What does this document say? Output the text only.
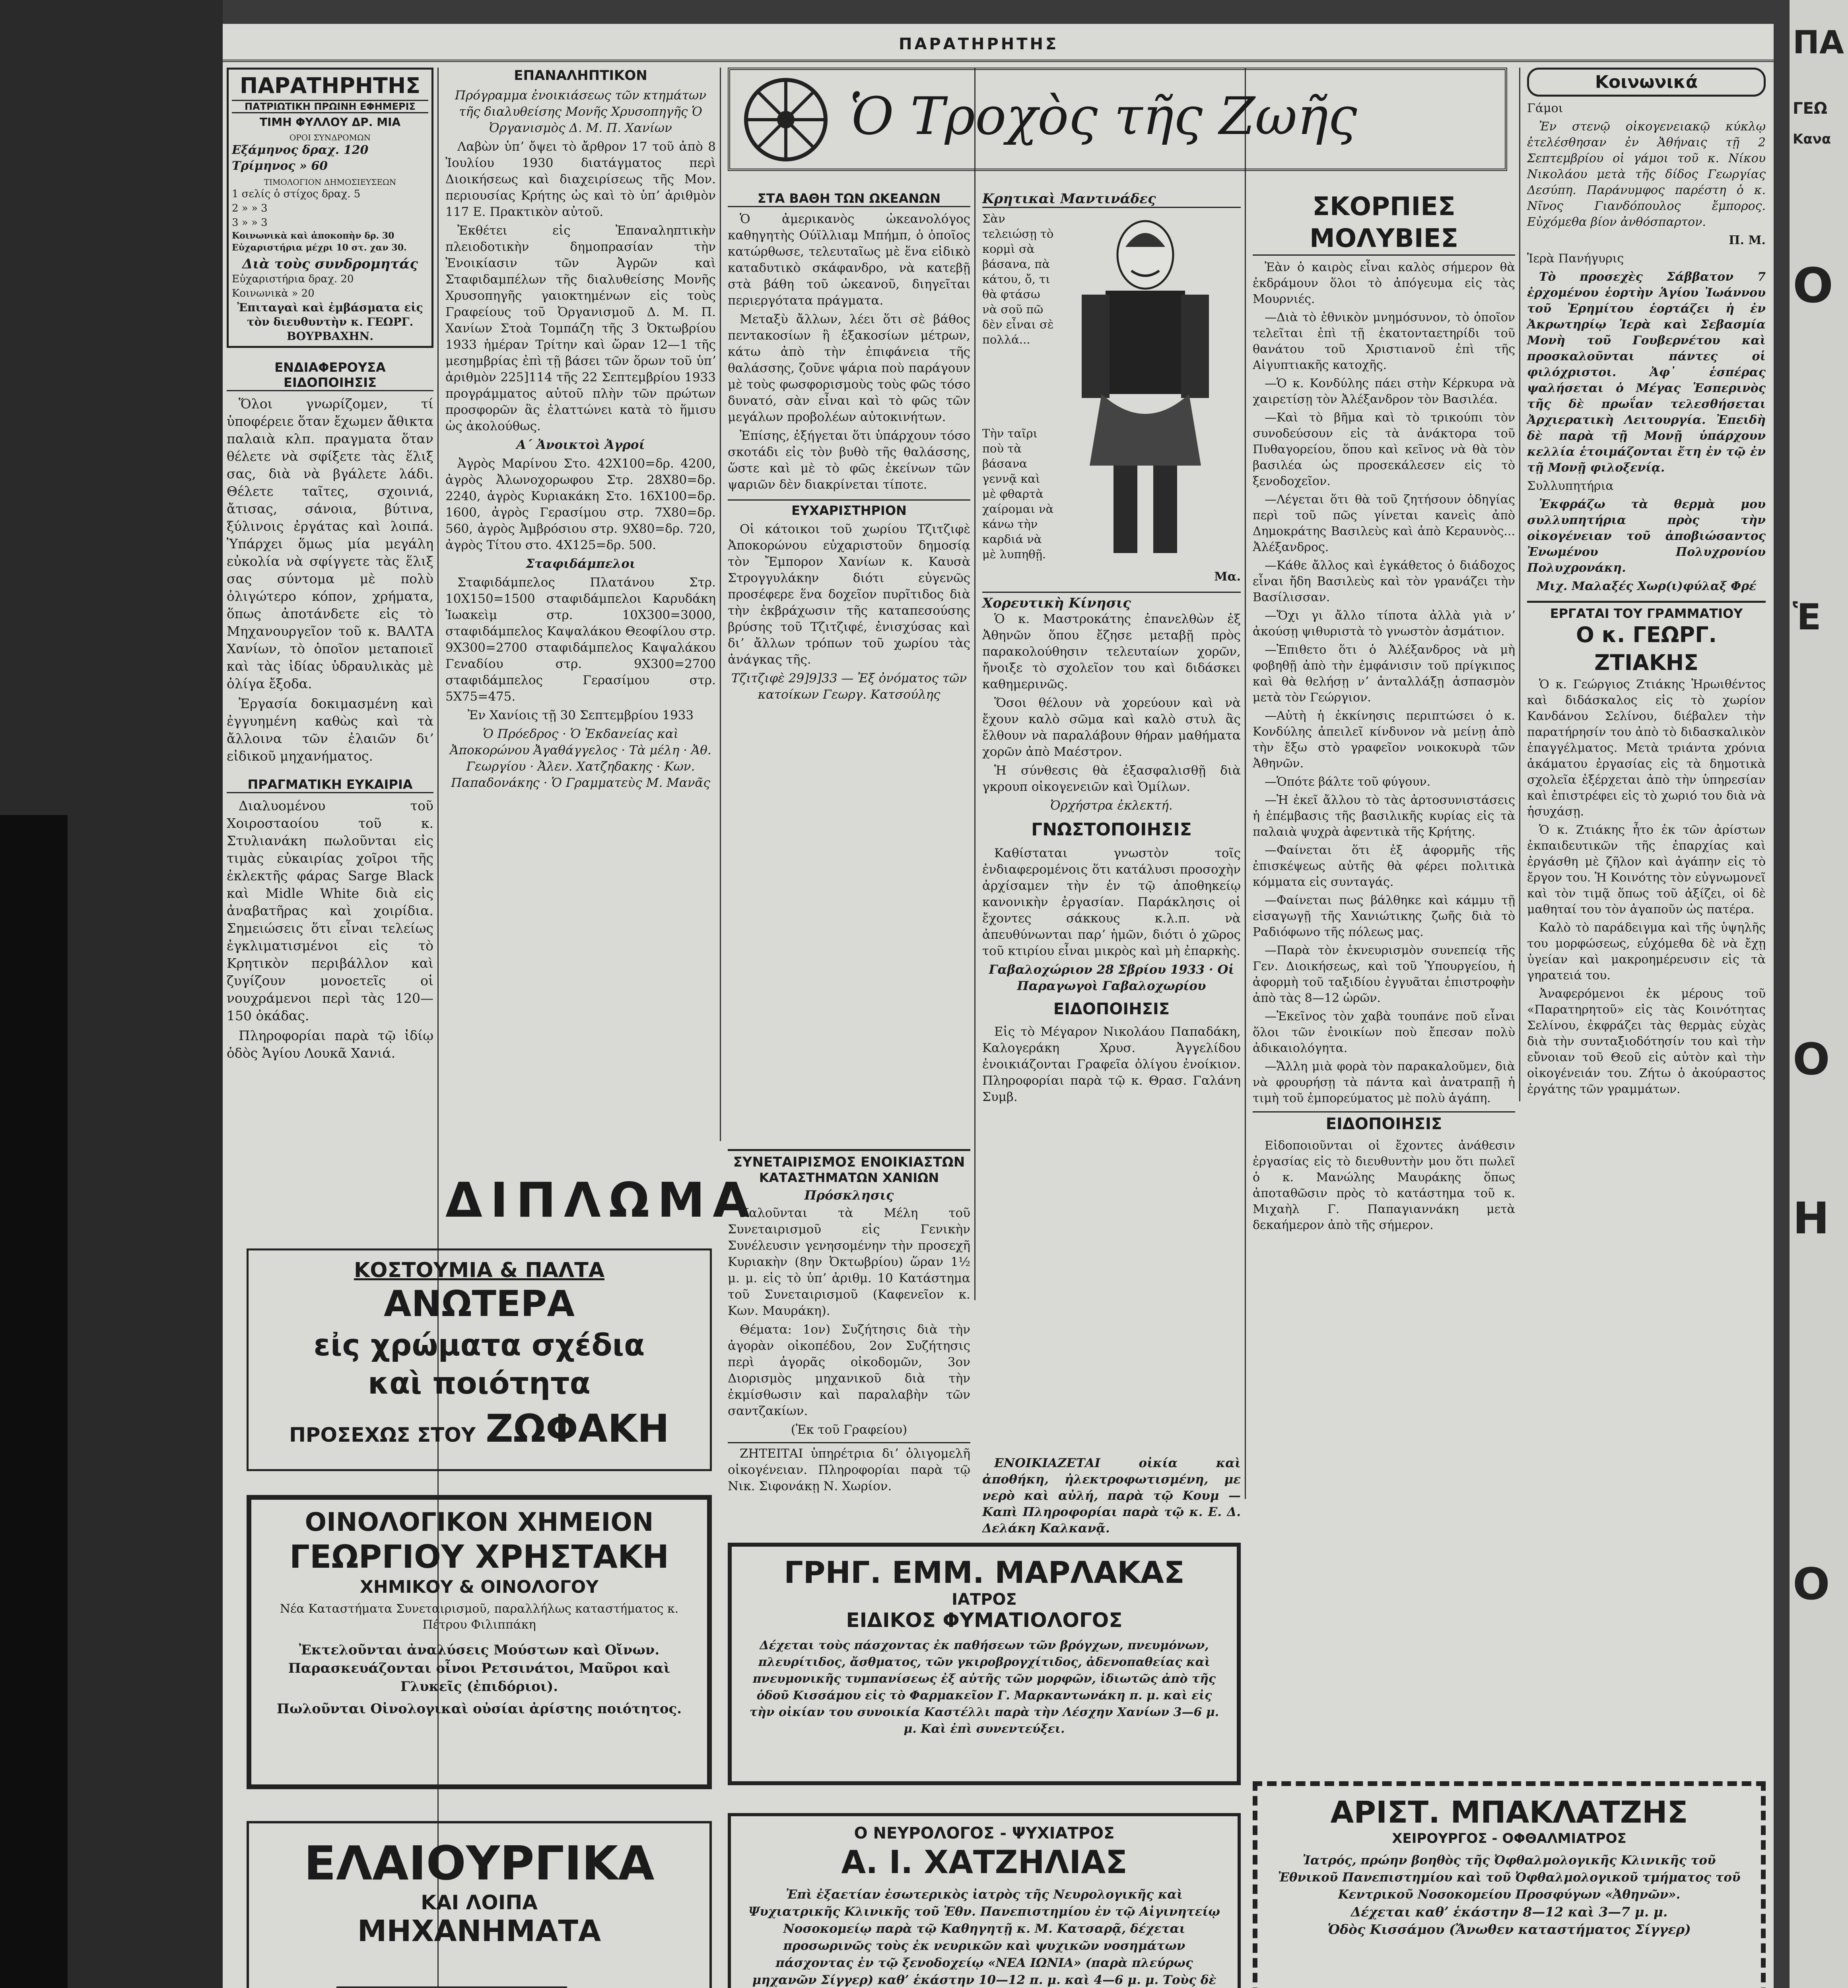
ΠΑΡΑΤΗΡΗΤΗΣ
ΠΑΡΑΤΗΡΗΤΗΣ
ΠΑΤΡΙΩΤΙΚΗ ΠΡΩΙΝΗ ΕΦΗΜΕΡΙΣ
ΤΙΜΗ ΦΥΛΛΟΥ ΔΡ. ΜΙΑ
ΟΡΟΙ ΣΥΝΔΡΟΜΩΝ
Εξάμηνος δραχ. 120
Τρίμηνος » 60
ΤΙΜΟΛΟΓΙΟΝ ΔΗΜΟΣΙΕΥΣΕΩΝ
1 σελίς ὁ στίχος δραχ. 5
2 » » 3
3 » » 3
Κοινωνικὰ καὶ ἀποκοπὴν δρ. 30 Εὐχαριστήρια μέχρι 10 στ. χαν 30.
Διὰ τοὺς συνδρομητάς
Εὐχαριστήρια δραχ. 20
Κοινωνικὰ » 20
Ἐπιταγαὶ καὶ ἐμβάσματα εἰς τὸν διευθυντὴν κ. ΓΕΩΡΓ. ΒΟΥΡΒΑΧΗΝ.
ΕΝΔΙΑΦΕΡΟΥΣΑ ΕΙΔΟΠΟΙΗΣΙΣ

Ὅλοι γνωρίζομεν, τί ὑποφέρειε ὅταν ἔχωμεν ἄθικτα παλαιὰ κλπ. πραγματα ὅταν θέλετε νὰ σφίξετε τὰς ἕλιξ σας, διὰ νὰ βγάλετε λάδι. Θέλετε ταῖτες, σχοινιά, ἄτισας, σάνοια, βύτινα, ξύλινοις ἐργάτας καὶ λοιπά. Ὑπάρχει ὅμως μία μεγάλη εὐκολία νὰ σφίγγετε τὰς ἕλιξ σας σύντομα μὲ πολὺ ὀλιγώτερο κόπον, χρήματα, ὅπως ἀποτάνδετε εἰς τὸ Μηχανουργεῖον τοῦ κ. ΒΑΛΤΑ Χανίων, τὸ ὁποῖον μεταποιεῖ καὶ τὰς ἰδίας ὑδραυλικὰς μὲ ὀλίγα ἔξοδα.

Ἐργασία δοκιμασμένη καὶ ἐγγυημένη καθὼς καὶ τὰ ἄλλοινα τῶν ἐλαιῶν διʼ εἰδικοῦ μηχανήματος.

ΠΡΑΓΜΑΤΙΚΗ ΕΥΚΑΙΡΙΑ

Διαλυομένου τοῦ Χοιροσταοίου τοῦ κ. Στυλιανάκη πωλοῦνται εἰς τιμὰς εὐκαιρίας χοῖροι τῆς ἐκλεκτῆς φάρας Sarge Black καὶ Midle White διὰ εἰς ἀναβατῆρας καὶ χοιρίδια. Σημειώσεις ὅτι εἶναι τελείως ἐγκλιματισμένοι εἰς τὸ Κρητικὸν περιβάλλον καὶ ζυγίζουν μονοετεῖς οἱ νουχράμενοι περὶ τὰς 120—150 ὀκάδας.

Πληροφορίαι παρὰ τῷ ἰδίῳ ὁδὸς Ἁγίου Λουκᾶ Χανιά.

ΕΠΑΝΑΛΗΠΤΙΚΟΝ

Πρόγραμμα ἐνοικιάσεως τῶν κτημάτων τῆς διαλυθείσης Μονῆς Χρυσοπηγῆς Ὁ Ὀργανισμὸς Δ. Μ. Π. Χανίων

Λαβὼν ὑπʼ ὄψει τὸ ἄρθρον 17 τοῦ ἀπὸ 8 Ἰουλίου 1930 διατάγματος περὶ Διοικήσεως καὶ διαχειρίσεως τῆς Μον. περιουσίας Κρήτης ὡς καὶ τὸ ὑπʼ ἀριθμὸν 117 Ε. Πρακτικὸν αὐτοῦ.

Ἐκθέτει εἰς Ἐπαναληπτικὴν πλειοδοτικὴν δημοπρασίαν τὴν Ἐνοικίασιν τῶν Ἀγρῶν καὶ Σταφιδαμπέλων τῆς διαλυθείσης Μονῆς Χρυσοπηγῆς γαιοκτημένων εἰς τοὺς Γραφείους τοῦ Ὀργανισμοῦ Δ. Μ. Π. Χανίων Στοὰ Τομπάζη τῆς 3 Ὀκτωβρίου 1933 ἡμέραν Τρίτην καὶ ὥραν 12—1 τῆς μεσημβρίας ἐπὶ τῇ βάσει τῶν ὅρων τοῦ ὑπʼ ἀριθμὸν 225]114 τῆς 22 Σεπτεμβρίου 1933 προγράμματος αὐτοῦ πλὴν τῶν πρώτων προσφορῶν ἃς ἐλαττώνει κατὰ τὸ ἥμισυ ὡς ἀκολούθως.

Α΄ Ἀνοικτοὶ Ἀγροί

Ἀγρὸς Μαρίνου Στο. 42Χ100=δρ. 4200, ἀγρὸς Ἀλωνοχορωφου Στρ. 28Χ80=δρ. 2240, ἀγρὸς Κυριακάκη Στο. 16Χ100=δρ. 1600, ἀγρὸς Γερασίμου στρ. 7Χ80=δρ. 560, ἀγρὸς Ἀμβρόσιου στρ. 9Χ80=δρ. 720, ἀγρὸς Τίτου στο. 4Χ125=δρ. 500.

Σταφιδάμπελοι

Σταφιδάμπελος Πλατάνου Στρ. 10Χ150=1500 σταφιδάμπελοι Καρυδάκη Ἰωακεὶμ στρ. 10Χ300=3000, σταφιδάμπελος Καψαλάκου Θεοφίλου στρ. 9Χ300=2700 σταφιδάμπελος Καψαλάκου Γεναδίου στρ. 9Χ300=2700 σταφιδάμπελος Γερασίμου στρ. 5Χ75=475.

Ἐν Χανίοις τῇ 30 Σεπτεμβρίου 1933

Ὁ Πρόεδρος · Ὁ Ἐκδανείας καὶ Ἀποκορώνου Ἀγαθάγγελος · Τὰ μέλη · Ἀθ. Γεωργίου · Ἀλεν. Χατζηδακης · Κων. Παπαδονάκης · Ὁ Γραμματεὺς Μ. Μανᾶς

ΔΙΠΛΩΜΑ
ΚΟΣΤΟΥΜΙΑ & ΠΑΛΤΑ
ΑΝΩΤΕΡΑ
εἰς χρώματα σχέδια
καὶ ποιότητα
ΠΡΟΣΕΧΩΣ ΣΤΟΥ ΖΩΦΑΚΗ
ΟΙΝΟΛΟΓΙΚΟΝ ΧΗΜΕΙΟΝ
ΓΕΩΡΓΙΟΥ ΧΡΗΣΤΑΚΗ
ΧΗΜΙΚΟΥ & ΟΙΝΟΛΟΓΟΥ
Νέα Καταστήματα Συνεταιρισμοῦ, παραλλήλως καταστήματος κ. Πέτρου Φιλιππάκη
Ἐκτελοῦνται ἀναλύσεις Μούστων καὶ Οἴνων. Παρασκευάζονται οἶνοι Ρετσινάτοι, Μαῦροι καὶ Γλυκεῖς (ἐπιδόριοι).
Πωλοῦνται Οἰνολογικαὶ οὐσίαι ἀρίστης ποιότητος.
ΕΛΑΙΟΥΡΓΙΚΑ
ΚΑΙ ΛΟΙΠΑ
ΜΗΧΑΝΗΜΑΤΑ
Ὁ Τροχὸς τῆς Ζωῆς
ΣΤΑ ΒΑΘΗ ΤΩΝ ΩΚΕΑΝΩΝ

Ὁ ἀμερικανὸς ὠκεανολόγος καθηγητὴς Ούϊλλιαμ Μπήμπ, ὁ ὁποῖος κατώρθωσε, τελευταῖως μὲ ἕνα εἰδικὸ καταδυτικὸ σκάφανδρο, νὰ κατεβῇ στὰ βάθη τοῦ ὠκεανοῦ, διηγεῖται περιεργότατα πράγματα.

Μεταξὺ ἄλλων, λέει ὅτι σὲ βάθος πεντακοσίων ἢ ἑξακοσίων μέτρων, κάτω ἀπὸ τὴν ἐπιφάνεια τῆς θαλάσσης, ζοῦνε ψάρια ποὺ παράγουν μὲ τοὺς φωσφορισμοὺς τοὺς φῶς τόσο δυνατό, σὰν εἶναι καὶ τὸ φῶς τῶν μεγάλων προβολέων αὐτοκινήτων.

Ἐπίσης, ἐξήγεται ὅτι ὑπάρχουν τόσο σκοτάδι εἰς τὸν βυθὸ τῆς θαλάσσης, ὥστε καὶ μὲ τὸ φῶς ἐκείνων τῶν ψαριῶν δὲν διακρίνεται τίποτε.

ΕΥΧΑΡΙΣΤΗΡΙΟΝ

Οἱ κάτοικοι τοῦ χωρίου Τζιτζιφὲ Ἀποκορώνου εὐχαριστοῦν δημοσίᾳ τὸν Ἔμπορον Χανίων κ. Καυσὰ Στρογγυλάκην διότι εὐγενῶς προσέφερε ἕνα δοχεῖον πυρῖτιδος διὰ τὴν ἐκβράχωσιν τῆς καταπεσούσης βρύσης τοῦ Τζιτζιφέ, ἐνισχύσας καὶ διʼ ἄλλων τρόπων τοῦ χωρίου τὰς ἀνάγκας τῆς.

Τζιτζιφὲ 29]9]33 — Ἐξ ὀνόματος τῶν κατοίκων Γεωργ. Κατσούλης

Κρητικαὶ Μαντινάδες
Σὰν τελειώσῃ τὸ κορμὶ σὰ βάσανα, πὰ κάτου, ὄ, τι θὰ φτάσω νὰ σοῦ πῶ δὲν εἶναι σὲ πολλά...
Τὴν ταῖρι ποὺ τὰ βάσανα γεννᾷ καὶ μὲ φθαρτὰ χαίρομαι νὰ κάνω τὴν καρδιά νὰ μὲ λυπηθῇ.
Μα.
Χορευτικὴ Κίνησις

Ὁ κ. Μαστροκάτης ἐπανελθὼν ἐξ Ἀθηνῶν ὅπου ἔζησε μεταβῇ πρὸς παρακολούθησιν τελευταίων χορῶν, ἤνοιξε τὸ σχολεῖον του καὶ διδάσκει καθημερινῶς.

Ὅσοι θέλουν νὰ χορεύουν καὶ νὰ ἔχουν καλὸ σῶμα καὶ καλὸ στυλ ἂς ἔλθουν νὰ παραλάβουν θήραν μαθήματα χορῶν ἀπὸ Μαέστρον.

Ἡ σύνθεσις θὰ ἐξασφαλισθῇ διὰ γκρουπ οἰκογενειῶν καὶ Ὁμίλων.

Ὀρχήστρα ἐκλεκτή.

ΓΝΩΣΤΟΠΟΙΗΣΙΣ

Καθίσταται γνωστὸν τοῖς ἐνδιαφερομένοις ὅτι κατάλυσι προσοχὴν ἀρχίσαμεν τὴν ἐν τῷ ἀποθηκείῳ κανονικὴν ἐργασίαν. Παράκλησις οἱ ἔχοντες σάκκους κ.λ.π. νὰ ἀπευθύνωνται παρʼ ἡμῶν, διότι ὁ χῶρος τοῦ κτιρίου εἶναι μικρὸς καὶ μὴ ἐπαρκὴς.

Γαβαλοχώριον 28 Σβρίου 1933 · Οἱ Παραγωγοὶ Γαβαλοχωρίου

ΕΙΔΟΠΟΙΗΣΙΣ

Εἰς τὸ Μέγαρον Νικολάου Παπαδάκη, Καλογεράκη Χρυσ. Ἀγγελίδου ἐνοικιάζονται Γραφεῖα ὀλίγου ἐνοίκιον. Πληροφορίαι παρὰ τῷ κ. Θρασ. Γαλάνη Συμβ.

ΣΥΝΕΤΑΙΡΙΣΜΟΣ ΕΝΟΙΚΙΑΣΤΩΝ
ΚΑΤΑΣΤΗΜΑΤΩΝ ΧΑΝΙΩΝ
Πρόσκλησις

Καλοῦνται τὰ Μέλη τοῦ Συνεταιρισμοῦ εἰς Γενικὴν Συνέλευσιν γενησομένην τὴν προσεχῆ Κυριακὴν (8ην Ὀκτωβρίου) ὥραν 1½ μ. μ. εἰς τὸ ὑπʼ ἀριθμ. 10 Κατάστημα τοῦ Συνεταιρισμοῦ (Καφενεῖον κ. Κων. Μαυράκη).

Θέματα: 1ον) Συζήτησις διὰ τὴν ἀγορὰν οἰκοπέδου, 2ον Συζήτησις περὶ ἀγορᾶς οἰκοδομῶν, 3ον Διορισμὸς μηχανικοῦ διὰ τὴν ἐκμίσθωσιν καὶ παραλαβὴν τῶν σαντζακίων.

(Ἐκ τοῦ Γραφείου)

ΖΗΤΕΙΤΑΙ ὑπηρέτρια διʼ ὀλιγομελῆ οἰκογένειαν. Πληροφορίαι παρὰ τῷ Νικ. Σιφονάκῃ Ν. Χωρίον.

ΕΝΟΙΚΙΑΖΕΤΑΙ οἰκία καὶ ἀποθήκη, ἠλεκτροφωτισμένη, με νερὸ καὶ αὐλή, παρὰ τῷ Κουμ — Καπὶ Πληροφορίαι παρὰ τῷ κ. Ε. Δ. Δελάκη Καλκανᾷ.

ΓΡΗΓ. ΕΜΜ. ΜΑΡΛΑΚΑΣ
ΙΑΤΡΟΣ
ΕΙΔΙΚΟΣ ΦΥΜΑΤΙΟΛΟΓΟΣ
Δέχεται τοὺς πάσχοντας ἐκ παθήσεων τῶν βρόγχων, πνευμόνων, πλευρίτιδος, ἄσθματος, τῶν γκιροβρογχίτιδος, ἀδενοπαθείας καὶ πνευμονικῆς τυμπανίσεως ἐξ αὐτῆς τῶν μορφῶν, ἰδιωτῶς ἀπὸ τῆς ὁδοῦ Κισσάμου εἰς τὸ Φαρμακεῖον Γ. Μαρκαντωνάκη π. μ. καὶ εἰς τὴν οἰκίαν του συνοικία Καστέλλι παρὰ τὴν Λέσχην Χανίων 3—6 μ. μ. Καὶ ἐπὶ συνεντεύξει.
Ο ΝΕΥΡΟΛΟΓΟΣ - ΨΥΧΙΑΤΡΟΣ
Α. Ι. ΧΑΤΖΗΛΙΑΣ
Ἐπὶ ἐξαετίαν ἐσωτερικὸς ἰατρὸς τῆς Νευρολογικῆς καὶ Ψυχιατρικῆς Κλινικῆς τοῦ Ἐθν. Πανεπιστημίου ἐν τῷ Αἰγινητείῳ Νοσοκομείῳ παρὰ τῷ Καθηγητῇ κ. Μ. Κατσαρᾷ, δέχεται προσωρινῶς τοὺς ἐκ νευρικῶν καὶ ψυχικῶν νοσημάτων πάσχοντας ἐν τῷ ξενοδοχείῳ «ΝΕΑ ΙΩΝΙΑ» (παρὰ πλεύρως μηχανῶν Σίγγερ) καθʼ ἑκάστην 10—12 π. μ. καὶ 4—6 μ. μ. Τοὺς δὲ
ΣΚΟΡΠΙΕΣ ΜΟΛΥΒΙΕΣ

Ἐὰν ὁ καιρὸς εἶναι καλὸς σήμερον θὰ ἐκδράμουν ὅλοι τὸ ἀπόγευμα εἰς τὰς Μουρνιές.

—Διὰ τὸ ἐθνικὸν μνημόσυνον, τὸ ὁποῖον τελεῖται ἐπὶ τῇ ἑκατονταετηρίδι τοῦ θανάτου τοῦ Χριστιανοῦ ἐπὶ τῆς Αἰγυπτιακῆς κατοχῆς.

—Ὁ κ. Κονδύλης πάει στὴν Κέρκυρα νὰ χαιρετίσῃ τὸν Ἀλέξανδρον τὸν Βασιλέα.

—Καὶ τὸ βῆμα καὶ τὸ τρικούπι τὸν συνοδεύσουν εἰς τὰ ἀνάκτορα τοῦ Πυθαγορείου, ὅπου καὶ κεῖνος νὰ θὰ τὸν βασιλέα ὡς προσεκάλεσεν εἰς τὸ ξενοδοχεῖον.

—Λέγεται ὅτι θὰ τοῦ ζητήσουν ὁδηγίας περὶ τοῦ πῶς γίνεται κανεὶς ἀπὸ Δημοκράτης Βασιλεὺς καὶ ἀπὸ Κεραυνὸς... Ἀλέξανδρος.

—Κάθε ἄλλος καὶ ἐγκάθετος ὁ διάδοχος εἶναι ἤδη Βασιλεὺς καὶ τὸν γρανάζει τὴν Βασίλισσαν.

—Ὄχι γι ἄλλο τίποτα ἀλλὰ γιὰ νʼ ἀκούσῃ ψιθυριστὰ τὸ γνωστὸν ἀσμάτιον.

—Ἐπιθετο ὅτι ὁ Ἀλέξανδρος νὰ μὴ φοβηθῇ ἀπὸ τὴν ἐμφάνισιν τοῦ πρίγκιπος καὶ θὰ θελήσῃ νʼ ἀνταλλάξῃ ἀσπασμὸν μετὰ τὸν Γεώργιον.

—Αὐτὴ ἡ ἐκκίνησις περιπτώσει ὁ κ. Κονδύλης ἀπειλεῖ κίνδυνον νὰ μείνῃ ἀπὸ τὴν ἔξω στὸ γραφεῖον νοικοκυρὰ τῶν Ἀθηνῶν.

—Ὁπότε βάλτε τοῦ φύγουν.

—Ἡ ἐκεῖ ἄλλου τὸ τὰς ἀρτοσυνιστάσεις ἡ ἐπέμβασις τῆς βασιλικῆς κυρίας εἰς τὰ παλαιὰ ψυχρὰ ἀφεντικὰ τῆς Κρήτης.

—Φαίνεται ὅτι ἐξ ἀφορμῆς τῆς ἐπισκέψεως αὐτῆς θὰ φέρει πολιτικὰ κόμματα εἰς συνταγάς.

—Φαίνεται πως βάλθηκε καὶ κάμμυ τῇ εἰσαγωγῇ τῆς Χανιώτικης ζωῆς διὰ τὸ Ραδιόφωνο τῆς πόλεως μας.

—Παρὰ τὸν ἐκνευρισμὸν συνεπείᾳ τῆς Γεν. Διοικήσεως, καὶ τοῦ Ὑπουργείου, ἡ ἀφορμὴ τοῦ ταξιδίου ἐγγυᾶται ἐπιστροφὴν ἀπὸ τὰς 8—12 ὡρῶν.

—Ἐκεῖνος τὸν χαβὰ τουπάνε ποῦ εἶναι ὅλοι τῶν ἐνοικίων ποὺ ἔπεσαν πολὺ ἀδικαιολόγητα.

—Ἄλλη μιὰ φορὰ τὸν παρακαλοῦμεν, διὰ νὰ φρουρήσῃ τὰ πάντα καὶ ἀνατραπῇ ἡ τιμὴ τοῦ ἐμπορεύματος μὲ πολὺ ἀγάπη.

ΕΙΔΟΠΟΙΗΣΙΣ

Εἰδοποιοῦνται οἱ ἔχοντες ἀνάθεσιν ἐργασίας εἰς τὸ διευθυντὴν μου ὅτι πωλεῖ ὁ κ. Μανώλης Μαυράκης ὅπως ἀποταθῶσιν πρὸς τὸ κατάστημα τοῦ κ. Μιχαὴλ Γ. Παπαγιαννάκη μετὰ δεκαήμερον ἀπὸ τῆς σήμερον.

Κοινωνικά

Γάμοι

Ἐν στενῷ οἰκογενειακῷ κύκλῳ ἐτελέσθησαν ἐν Ἀθήναις τῇ 2 Σεπτεμβρίου οἱ γάμοι τοῦ κ. Νίκου Νικολάου μετὰ τῆς δίδος Γεωργίας Δεσύπη. Παράνυμφος παρέστη ὁ κ. Νῖνος Γιανδόπουλος ἔμπορος. Εὐχόμεθα βίον ἀνθόσπαρτον.

Π. Μ.

Ἱερὰ Πανήγυρις

Τὸ προσεχὲς Σάββατον 7 ἐρχομένου ἑορτὴν Ἁγίου Ἰωάννου τοῦ Ἐρημίτου ἑορτάζει ἡ ἐν Ἀκρωτηρίῳ Ἱερὰ καὶ Σεβασμία Μονὴ τοῦ Γουβερνέτου καὶ προσκαλοῦνται πάντες οἱ φιλόχριστοι. Ἀφ᾽ ἑσπέρας ψαλήσεται ὁ Μέγας Ἑσπερινὸς τῆς δὲ πρωΐαν τελεσθήσεται Ἀρχιερατικὴ Λειτουργία. Ἐπειδὴ δὲ παρὰ τῇ Μονῇ ὑπάρχουν κελλία ἑτοιμάζονται ἔτη ἐν τῷ ἐν τῇ Μονῇ φιλοξενίᾳ.

Συλλυπητήρια

Ἐκφράζω τὰ θερμὰ μου συλλυπητήρια πρὸς τὴν οἰκογένειαν τοῦ ἀποβιώσαντος Ἐνωμένου Πολυχρονίου Πολυχρονάκη.

Μιχ. Μαλαξές Χωρ(ι)φύλαξ Φρέ

ΕΡΓΑΤΑΙ ΤΟΥ ΓΡΑΜΜΑΤΙΟΥ
Ο κ. ΓΕΩΡΓ. ΖΤΙΑΚΗΣ

Ὁ κ. Γεώργιος Ζτιάκης Ἠρωιθέντος καὶ διδάσκαλος εἰς τὸ χωρίον Κανδάνου Σελίνου, διέβαλεν τὴν παρατήρησίν του ἀπὸ τὸ διδασκαλικὸν ἐπαγγέλματος. Μετὰ τριάντα χρόνια ἀκάματου ἐργασίας εἰς τὰ δημοτικὰ σχολεῖα ἐξέρχεται ἀπὸ τὴν ὑπηρεσίαν καὶ ἐπιστρέφει εἰς τὸ χωριό του διὰ νὰ ἡσυχάσῃ.

Ὁ κ. Ζτιάκης ἦτο ἐκ τῶν ἀρίστων ἐκπαιδευτικῶν τῆς ἐπαρχίας καὶ ἐργάσθη μὲ ζῆλον καὶ ἀγάπην εἰς τὸ ἔργον του. Ἡ Κοινότης τὸν εὐγνωμονεῖ καὶ τὸν τιμᾷ ὅπως τοῦ ἀξίζει, οἱ δὲ μαθηταί του τὸν ἀγαποῦν ὡς πατέρα.

Καλὸ τὸ παράδειγμα καὶ τῆς ὑψηλῆς του μορφώσεως, εὐχόμεθα δὲ νὰ ἔχῃ ὑγείαν καὶ μακροημέρευσιν εἰς τὰ γηρατειά του.

Ἀναφερόμενοι ἐκ μέρους τοῦ «Παρατηρητοῦ» εἰς τὰς Κοινότητας Σελίνου, ἐκφράζει τὰς θερμὰς εὐχὰς διὰ τὴν συνταξιοδότησίν του καὶ τὴν εὔνοιαν τοῦ Θεοῦ εἰς αὐτὸν καὶ τὴν οἰκογένειάν του. Ζήτω ὁ ἀκούραστος ἐργάτης τῶν γραμμάτων.

ΑΡΙΣΤ. ΜΠΑΚΛΑΤΖΗΣ
ΧΕΙΡΟΥΡΓΟΣ - ΟΦΘΑΛΜΙΑΤΡΟΣ
Ἰατρός, πρώην βοηθὸς τῆς Ὀφθαλμολογικῆς Κλινικῆς τοῦ Ἐθνικοῦ Πανεπιστημίου καὶ τοῦ Ὀφθαλμολογικοῦ τμήματος τοῦ Κεντρικοῦ Νοσοκομείου Προσφύγων «Ἀθηνῶν».
Δέχεται καθʼ ἑκάστην 8—12 καὶ 3—7 μ. μ.
Ὁδὸς Κισσάμου (Ἄνωθεν καταστήματος Σίγγερ)
ΠΑ
ΓΕΩ
Κανα
Ο
Ἑ
Ο
Η
Ο
